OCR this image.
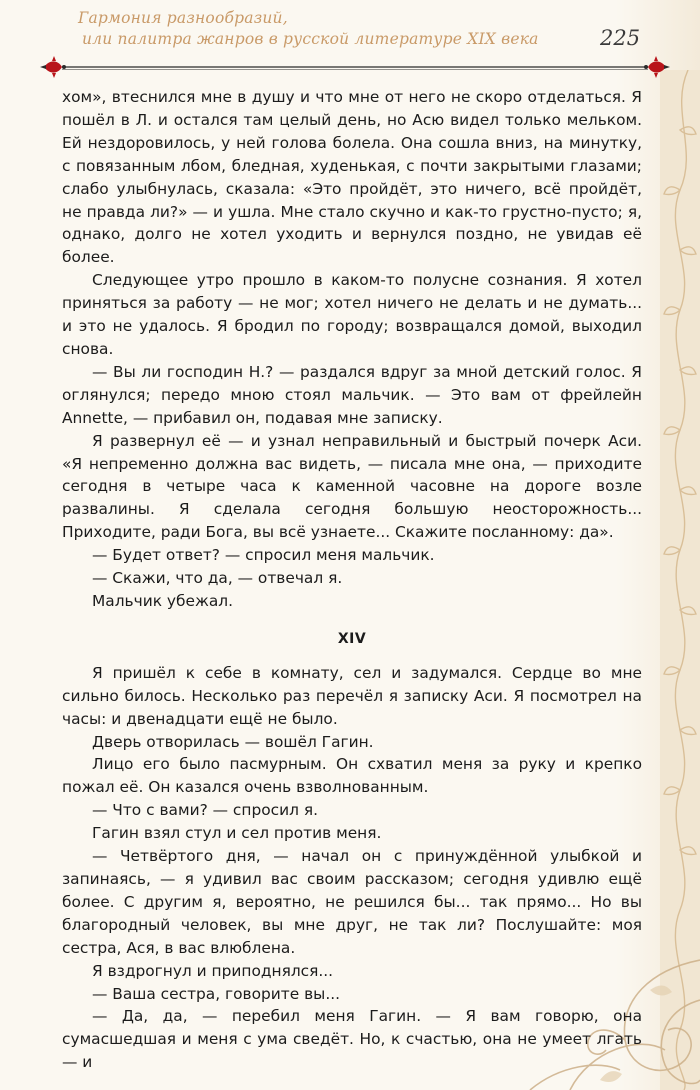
Гармония разнообразий,
или палитра жанров в русской литературе XIX века	225

хом», втеснился мне в душу и что мне от него не скоро отделаться. Я пошёл в Л. и остался там целый день, но Асю видел только мельком. Ей нездоровилось, у ней голова болела. Она сошла вниз, на минутку, с повязанным лбом, бледная, худенькая, с почти закрытыми глазами; слабо улыбнулась, сказала: «Это пройдёт, это ничего, всё пройдёт, не правда ли?» — и ушла. Мне стало скучно и как-то грустно-пусто; я, однако, долго не хотел уходить и вернулся поздно, не увидав её более.

Следующее утро прошло в каком-то полусне сознания. Я хотел приняться за работу — не мог; хотел ничего не делать и не думать... и это не удалось. Я бродил по городу; возвращался домой, выходил снова.

— Вы ли господин Н.? — раздался вдруг за мной детский голос. Я оглянулся; передо мною стоял мальчик. — Это вам от фрейлейн Annette, — прибавил он, подавая мне записку.

Я развернул её — и узнал неправильный и быстрый почерк Аси. «Я непременно должна вас видеть, — писала мне она, — приходите сегодня в четыре часа к каменной часовне на дороге возле развалины. Я сделала сегодня большую неосторожность... Приходите, ради Бога, вы всё узнаете... Скажите посланному: да».

— Будет ответ? — спросил меня мальчик.

— Скажи, что да, — отвечал я.

Мальчик убежал.

XIV

Я пришёл к себе в комнату, сел и задумался. Сердце во мне сильно билось. Несколько раз перечёл я записку Аси. Я посмотрел на часы: и двенадцати ещё не было.

Дверь отворилась — вошёл Гагин.

Лицо его было пасмурным. Он схватил меня за руку и крепко пожал её. Он казался очень взволнованным.

— Что с вами? — спросил я.

Гагин взял стул и сел против меня.

— Четвёртого дня, — начал он с принуждённой улыбкой и запинаясь, — я удивил вас своим рассказом; сегодня удивлю ещё более. С другим я, вероятно, не решился бы... так прямо... Но вы благородный человек, вы мне друг, не так ли? Послушайте: моя сестра, Ася, в вас влюблена.

Я вздрогнул и приподнялся...

— Ваша сестра, говорите вы...

— Да, да, — перебил меня Гагин. — Я вам говорю, она сумасшедшая и меня с ума сведёт. Но, к счастью, она не умеет лгать — и
